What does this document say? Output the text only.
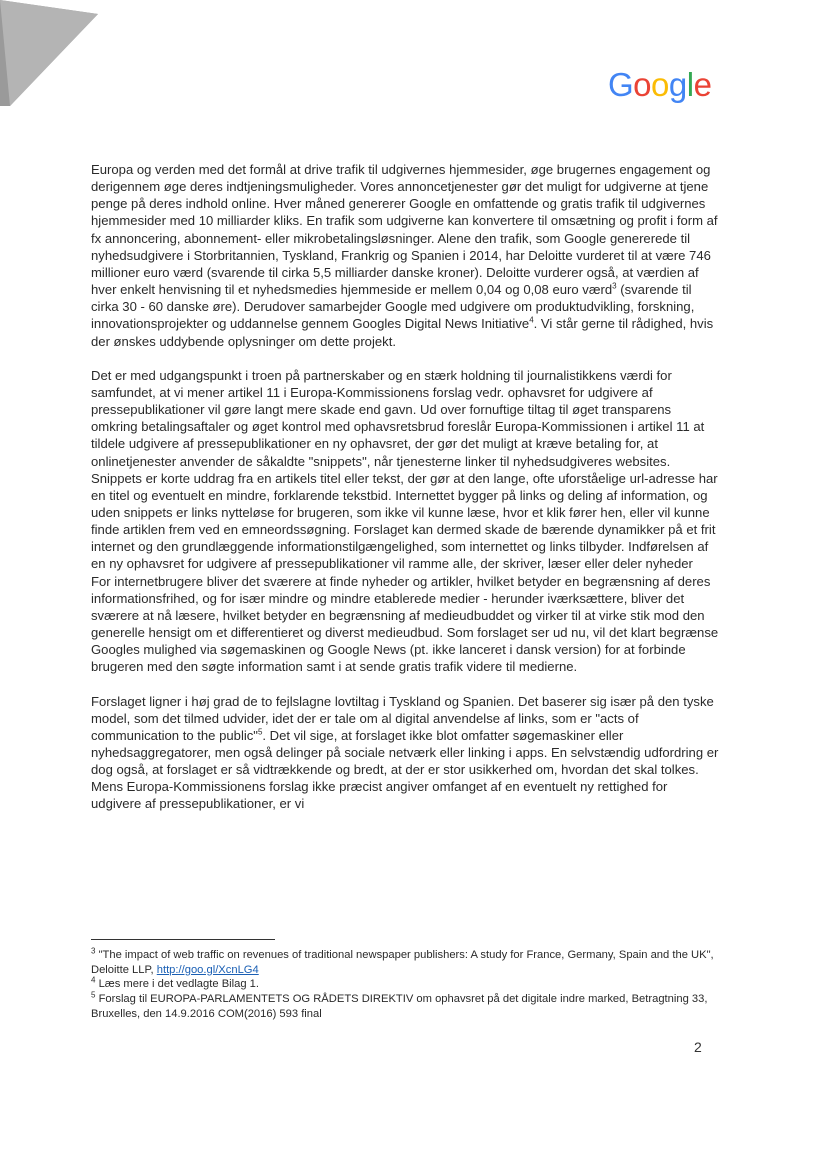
Google

Europa og verden med det formål at drive trafik til udgivernes hjemmesider, øge brugernes engagement og derigennem øge deres indtjeningsmuligheder. Vores annoncetjenester gør det muligt for udgiverne at tjene penge på deres indhold online. Hver måned genererer Google en omfattende og gratis trafik til udgivernes hjemmesider med 10 milliarder kliks. En trafik som udgiverne kan konvertere til omsætning og profit i form af fx annoncering, abonnement- eller mikrobetalingsløsninger. Alene den trafik, som Google genererede til nyhedsudgivere i Storbritannien, Tyskland, Frankrig og Spanien i 2014, har Deloitte vurderet til at være 746 millioner euro værd (svarende til cirka 5,5 milliarder danske kroner). Deloitte vurderer også, at værdien af hver enkelt henvisning til et nyhedsmedies hjemmeside er mellem 0,04 og 0,08 euro værd$^3$ (svarende til cirka 30 - 60 danske øre). Derudover samarbejder Google med udgivere om produktudvikling, forskning, innovationsprojekter og uddannelse gennem Googles Digital News Initiative$^4$. Vi står gerne til rådighed, hvis der ønskes uddybende oplysninger om dette projekt.

Det er med udgangspunkt i troen på partnerskaber og en stærk holdning til journalistikkens værdi for samfundet, at vi mener artikel 11 i Europa-Kommissionens forslag vedr. ophavsret for udgivere af pressepublikationer vil gøre langt mere skade end gavn. Ud over fornuftige tiltag til øget transparens omkring betalingsaftaler og øget kontrol med ophavsretsbrud foreslår Europa-Kommissionen i artikel 11 at tildele udgivere af pressepublikationer en ny ophavsret, der gør det muligt at kræve betaling for, at onlinetjenester anvender de såkaldte "snippets", når tjenesterne linker til nyhedsudgiveres websites. Snippets er korte uddrag fra en artikels titel eller tekst, der gør at den lange, ofte uforståelige url-adresse har en titel og eventuelt en mindre, forklarende tekstbid. Internettet bygger på links og deling af information, og uden snippets er links nytteløse for brugeren, som ikke vil kunne læse, hvor et klik fører hen, eller vil kunne finde artiklen frem ved en emneordssøgning. Forslaget kan dermed skade de bærende dynamikker på et frit internet og den grundlæggende informationstilgængelighed, som internettet og links tilbyder. Indførelsen af en ny ophavsret for udgivere af pressepublikationer vil ramme alle, der skriver, læser eller deler nyheder

For internetbrugere bliver det sværere at finde nyheder og artikler, hvilket betyder en begrænsning af deres informationsfrihed, og for især mindre og mindre etablerede medier - herunder iværksættere, bliver det sværere at nå læsere, hvilket betyder en begrænsning af medieudbuddet og virker til at virke stik mod den generelle hensigt om et differentieret og diverst medieudbud. Som forslaget ser ud nu, vil det klart begrænse Googles mulighed via søgemaskinen og Google News (pt. ikke lanceret i dansk version) for at forbinde brugeren med den søgte information samt i at sende gratis trafik videre til medierne.

Forslaget ligner i høj grad de to fejlslagne lovtiltag i Tyskland og Spanien. Det baserer sig især på den tyske model, som det tilmed udvider, idet der er tale om al digital anvendelse af links, som er "acts of communication to the public"$^5$. Det vil sige, at forslaget ikke blot omfatter søgemaskiner eller nyhedsaggregatorer, men også delinger på sociale netværk eller linking i apps. En selvstændig udfordring er dog også, at forslaget er så vidtrækkende og bredt, at der er stor usikkerhed om, hvordan det skal tolkes. Mens Europa-Kommissionens forslag ikke præcist angiver omfanget af en eventuelt ny rettighed for udgivere af pressepublikationer, er vi

$^3$ "The impact of web traffic on revenues of traditional newspaper publishers: A study for France, Germany, Spain and the UK", Deloitte LLP, http://goo.gl/XcnLG4
$^4$ Læs mere i det vedlagte Bilag 1.
$^5$ Forslag til EUROPA-PARLAMENTETS OG RÅDETS DIREKTIV om ophavsret på det digitale indre marked, Betragtning 33, Bruxelles, den 14.9.2016 COM(2016) 593 final
2
